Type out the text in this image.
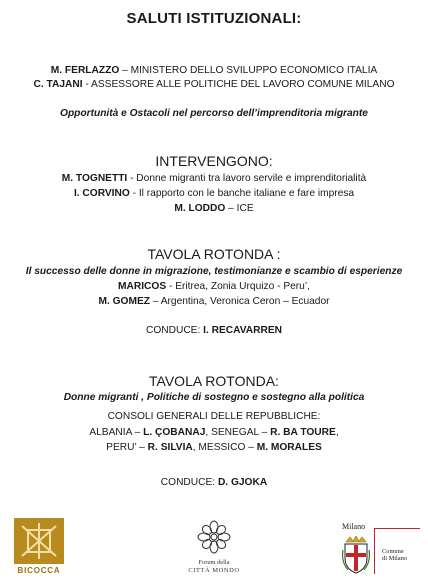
SALUTI ISTITUZIONALI:
M. FERLAZZO – MINISTERO DELLO SVILUPPO ECONOMICO ITALIA
C. TAJANI - ASSESSORE ALLE POLITICHE DEL LAVORO COMUNE MILANO
Opportunità e Ostacoli nel percorso dell’imprenditoria migrante
INTERVENGONO:
M. TOGNETTI - Donne migranti tra lavoro servile e imprenditorialità
I. CORVINO - Il rapporto con le banche italiane e fare impresa
M. LODDO – ICE
TAVOLA ROTONDA :
Il successo delle donne in migrazione, testimonianze e scambio di esperienze
MARICOS - Eritrea, Zonia Urquizo - Peru’,
M. GOMEZ – Argentina, Veronica Ceron – Ecuador
CONDUCE: I. RECAVARREN
TAVOLA ROTONDA:
Donne migranti , Politiche di sostegno e sostegno alla politica
CONSOLI GENERALI DELLE REPUBBLICHE:
ALBANIA – L. ÇOBANAJ, SENEGAL – R. BA TOURE,
PERU’ – R. SILVIA, MESSICO – M. MORALES
CONDUCE: D. GJOKA
BICOCCA
Forum della
CITTÀ MONDO
Milano
Comune
di Milano
